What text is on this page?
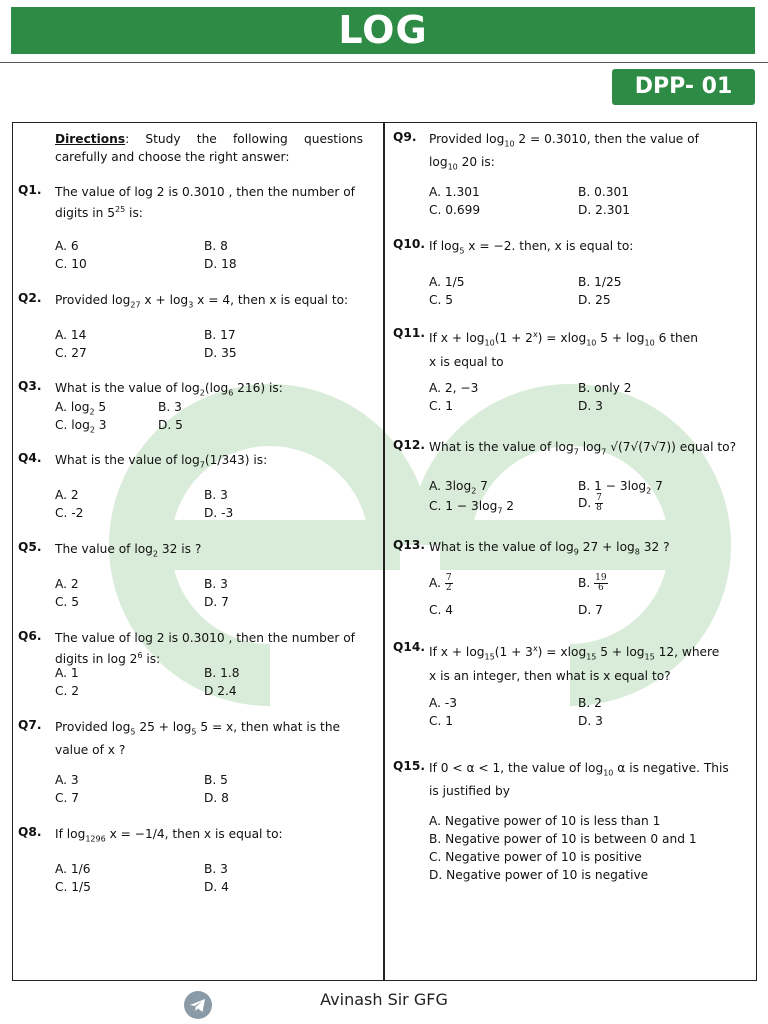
LOG
DPP- 01
Directions: Study the following questions carefully and choose the right answer:
Q1. The value of log 2 is 0.3010 , then the number of
digits in $5^{25}$ is:
A. 6	B. 8
C. 10	D. 18
Q2. Provided $\log_{27} x + \log_3 x = 4$, then x is equal to:
A. 14	B. 17
C. 27	D. 35
Q3. What is the value of $\log_2(\log_6$ 216) is:
A. $\log_2 5$	B. 3
C. $\log_2 3$	D. 5
Q4. What is the value of $\log_7(1/343)$ is:
A. 2	B. 3
C. -2	D. -3
Q5. The value of $\log_2 32$ is ?
A. 2	B. 3
C. 5	D. 7
Q6. The value of log 2 is 0.3010 , then the number of
digits in $\log 2^6$ is:
A. 1	B. 1.8
C. 2	D 2.4
Q7. Provided $\log_5 25 + \log_5 5 = x$, then what is the
value of x ?
A. 3	B. 5
C. 7	D. 8
Q8. If $\log_{1296} x = -1/4$, then x is equal to:
A. 1/6	B. 3
C. 1/5	D. 4
Q9. Provided $\log_{10} 2 = 0.3010$, then the value of
$\log_{10} 20$ is:
A. 1.301	B. 0.301
C. 0.699	D. 2.301
Q10. If $\log_5 x = -2$. then, x is equal to:
A. 1/5	B. 1/25
C. 5	D. 25
Q11. If $x + \log_{10}(1 + 2^x) = xlog_{10}$ $5 + \log_{10} 6$ then
x is equal to
A. 2, −3	B. only 2
C. 1	D. 3
Q12. What is the value of $\log_7 \log_7 √(7√(7√7))$ equal to?
A. $3\log_2$ 7	B. $1 - 3\log_2$ 7
C. $1 - 3\log_7$ 2	D. $\frac{7}{8}$
Q13. What is the value of $\log_9 27 + \log_8 32$ ?
A. $\frac{7}{2}$	B. $\frac{19}{6}$
C. 4	D. 7
Q14. If $x + \log_{15}(1 + 3^x) = xlog_{15}$ $5 + \log_{15} 12$, where
x is an integer, then what is x equal to?
A. -3	B. 2
C. 1	D. 3
Q15. If 0 < α < 1, the value of $\log_{10} \alpha$ is negative. This
is justified by
A. Negative power of 10 is less than 1
B. Negative power of 10 is between 0 and 1
C. Negative power of 10 is positive
D. Negative power of 10 is negative
Avinash Sir GFG
